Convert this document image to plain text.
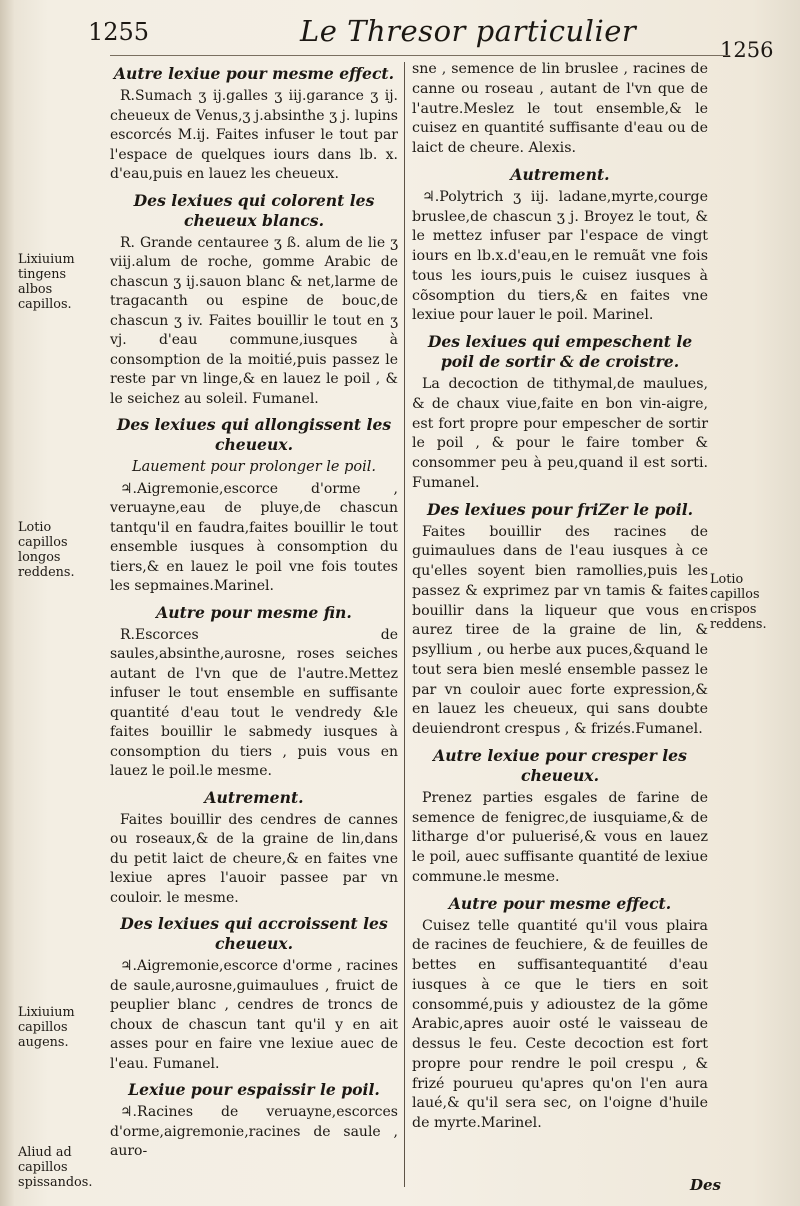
1255	Le Thresor particulier
1256
Autre lexiue pour mesme effect.
R.Sumach ʒ ij.galles ʒ iij.garance ʒ ij. cheueux de Venus,ʒ j.absinthe ʒ j. lupins escorcés M.ij. Faites infuser le tout par l'espace de quelques iours dans lb. x. d'eau,puis en lauez les cheueux.
Des lexiues qui colorent les cheueux blancs.
R. Grande centauree ʒ ß. alum de lie ʒ viij.alum de roche, gomme Arabic de chascun ʒ ij.sauon blanc & net,larme de tragacanth ou espine de bouc,de chascun ʒ iv. Faites bouillir le tout en ʒ vj. d'eau commune,iusques à consomption de la moitié,puis passez le reste par vn linge,& en lauez le poil , & le seichez au soleil. Fumanel.
Des lexiues qui allongissent les cheueux.
Lauement pour prolonger le poil.
♃.Aigremonie,escorce d'orme , veruayne,eau de pluye,de chascun tantqu'il en faudra,faites bouillir le tout ensemble iusques à consomption du tiers,& en lauez le poil vne fois toutes les sepmaines.Marinel.
Autre pour mesme fin.
R.Escorces de saules,absinthe,aurosne, roses seiches autant de l'vn que de l'autre.Mettez infuser le tout ensemble en suffisante quantité d'eau tout le vendredy &le faites bouillir le sabmedy iusques à consomption du tiers , puis vous en lauez le poil.le mesme.
Autrement.
Faites bouillir des cendres de cannes ou roseaux,& de la graine de lin,dans du petit laict de cheure,& en faites vne lexiue apres l'auoir passee par vn couloir. le mesme.
Des lexiues qui accroissent les cheueux.
♃.Aigremonie,escorce d'orme , racines de saule,aurosne,guimaulues , fruict de peuplier blanc , cendres de troncs de choux de chascun tant qu'il y en ait asses pour en faire vne lexiue auec de l'eau. Fumanel.
Lexiue pour espaissir le poil.
♃.Racines de veruayne,escorces d'orme,aigremonie,racines de saule , auro-
sne , semence de lin bruslee , racines de canne ou roseau , autant de l'vn que de l'autre.Meslez le tout ensemble,& le cuisez en quantité suffisante d'eau ou de laict de cheure. Alexis.
Autrement.
♃.Polytrich ʒ iij. ladane,myrte,courge bruslee,de chascun ʒ j. Broyez le tout, & le mettez infuser par l'espace de vingt iours en lb.x.d'eau,en le remuãt vne fois tous les iours,puis le cuisez iusques à cõsomption du tiers,& en faites vne lexiue pour lauer le poil. Marinel.
Des lexiues qui empeschent le poil de sortir & de croistre.
La decoction de tithymal,de maulues, & de chaux viue,faite en bon vin-aigre, est fort propre pour empescher de sortir le poil , & pour le faire tomber & consommer peu à peu,quand il est sorti. Fumanel.
Des lexiues pour friZer le poil.
Faites bouillir des racines de guimaulues dans de l'eau iusques à ce qu'elles soyent bien ramollies,puis les passez & exprimez par vn tamis & faites bouillir dans la liqueur que vous en aurez tiree de la graine de lin, & psyllium , ou herbe aux puces,&quand le tout sera bien meslé ensemble passez le par vn couloir auec forte expression,& en lauez les cheueux, qui sans doubte deuiendront crespus , & frizés.Fumanel.
Autre lexiue pour cresper les cheueux.
Prenez parties esgales de farine de semence de fenigrec,de iusquiame,& de litharge d'or puluerisé,& vous en lauez le poil, auec suffisante quantité de lexiue commune.le mesme.
Autre pour mesme effect.
Cuisez telle quantité qu'il vous plaira de racines de feuchiere, & de feuilles de bettes en suffisantequantité d'eau iusques à ce que le tiers en soit consommé,puis y adioustez de la gõme Arabic,apres auoir osté le vaisseau de dessus le feu. Ceste decoction est fort propre pour rendre le poil crespu , & frizé pourueu qu'apres qu'on l'en aura laué,& qu'il sera sec, on l'oigne d'huile de myrte.Marinel.
Lixiuium tingens albos capillos.
Lotio capillos longos reddens.
Lixiuium capillos augens.
Aliud ad capillos spissandos.
Lotio capillos crispos reddens.
Des
